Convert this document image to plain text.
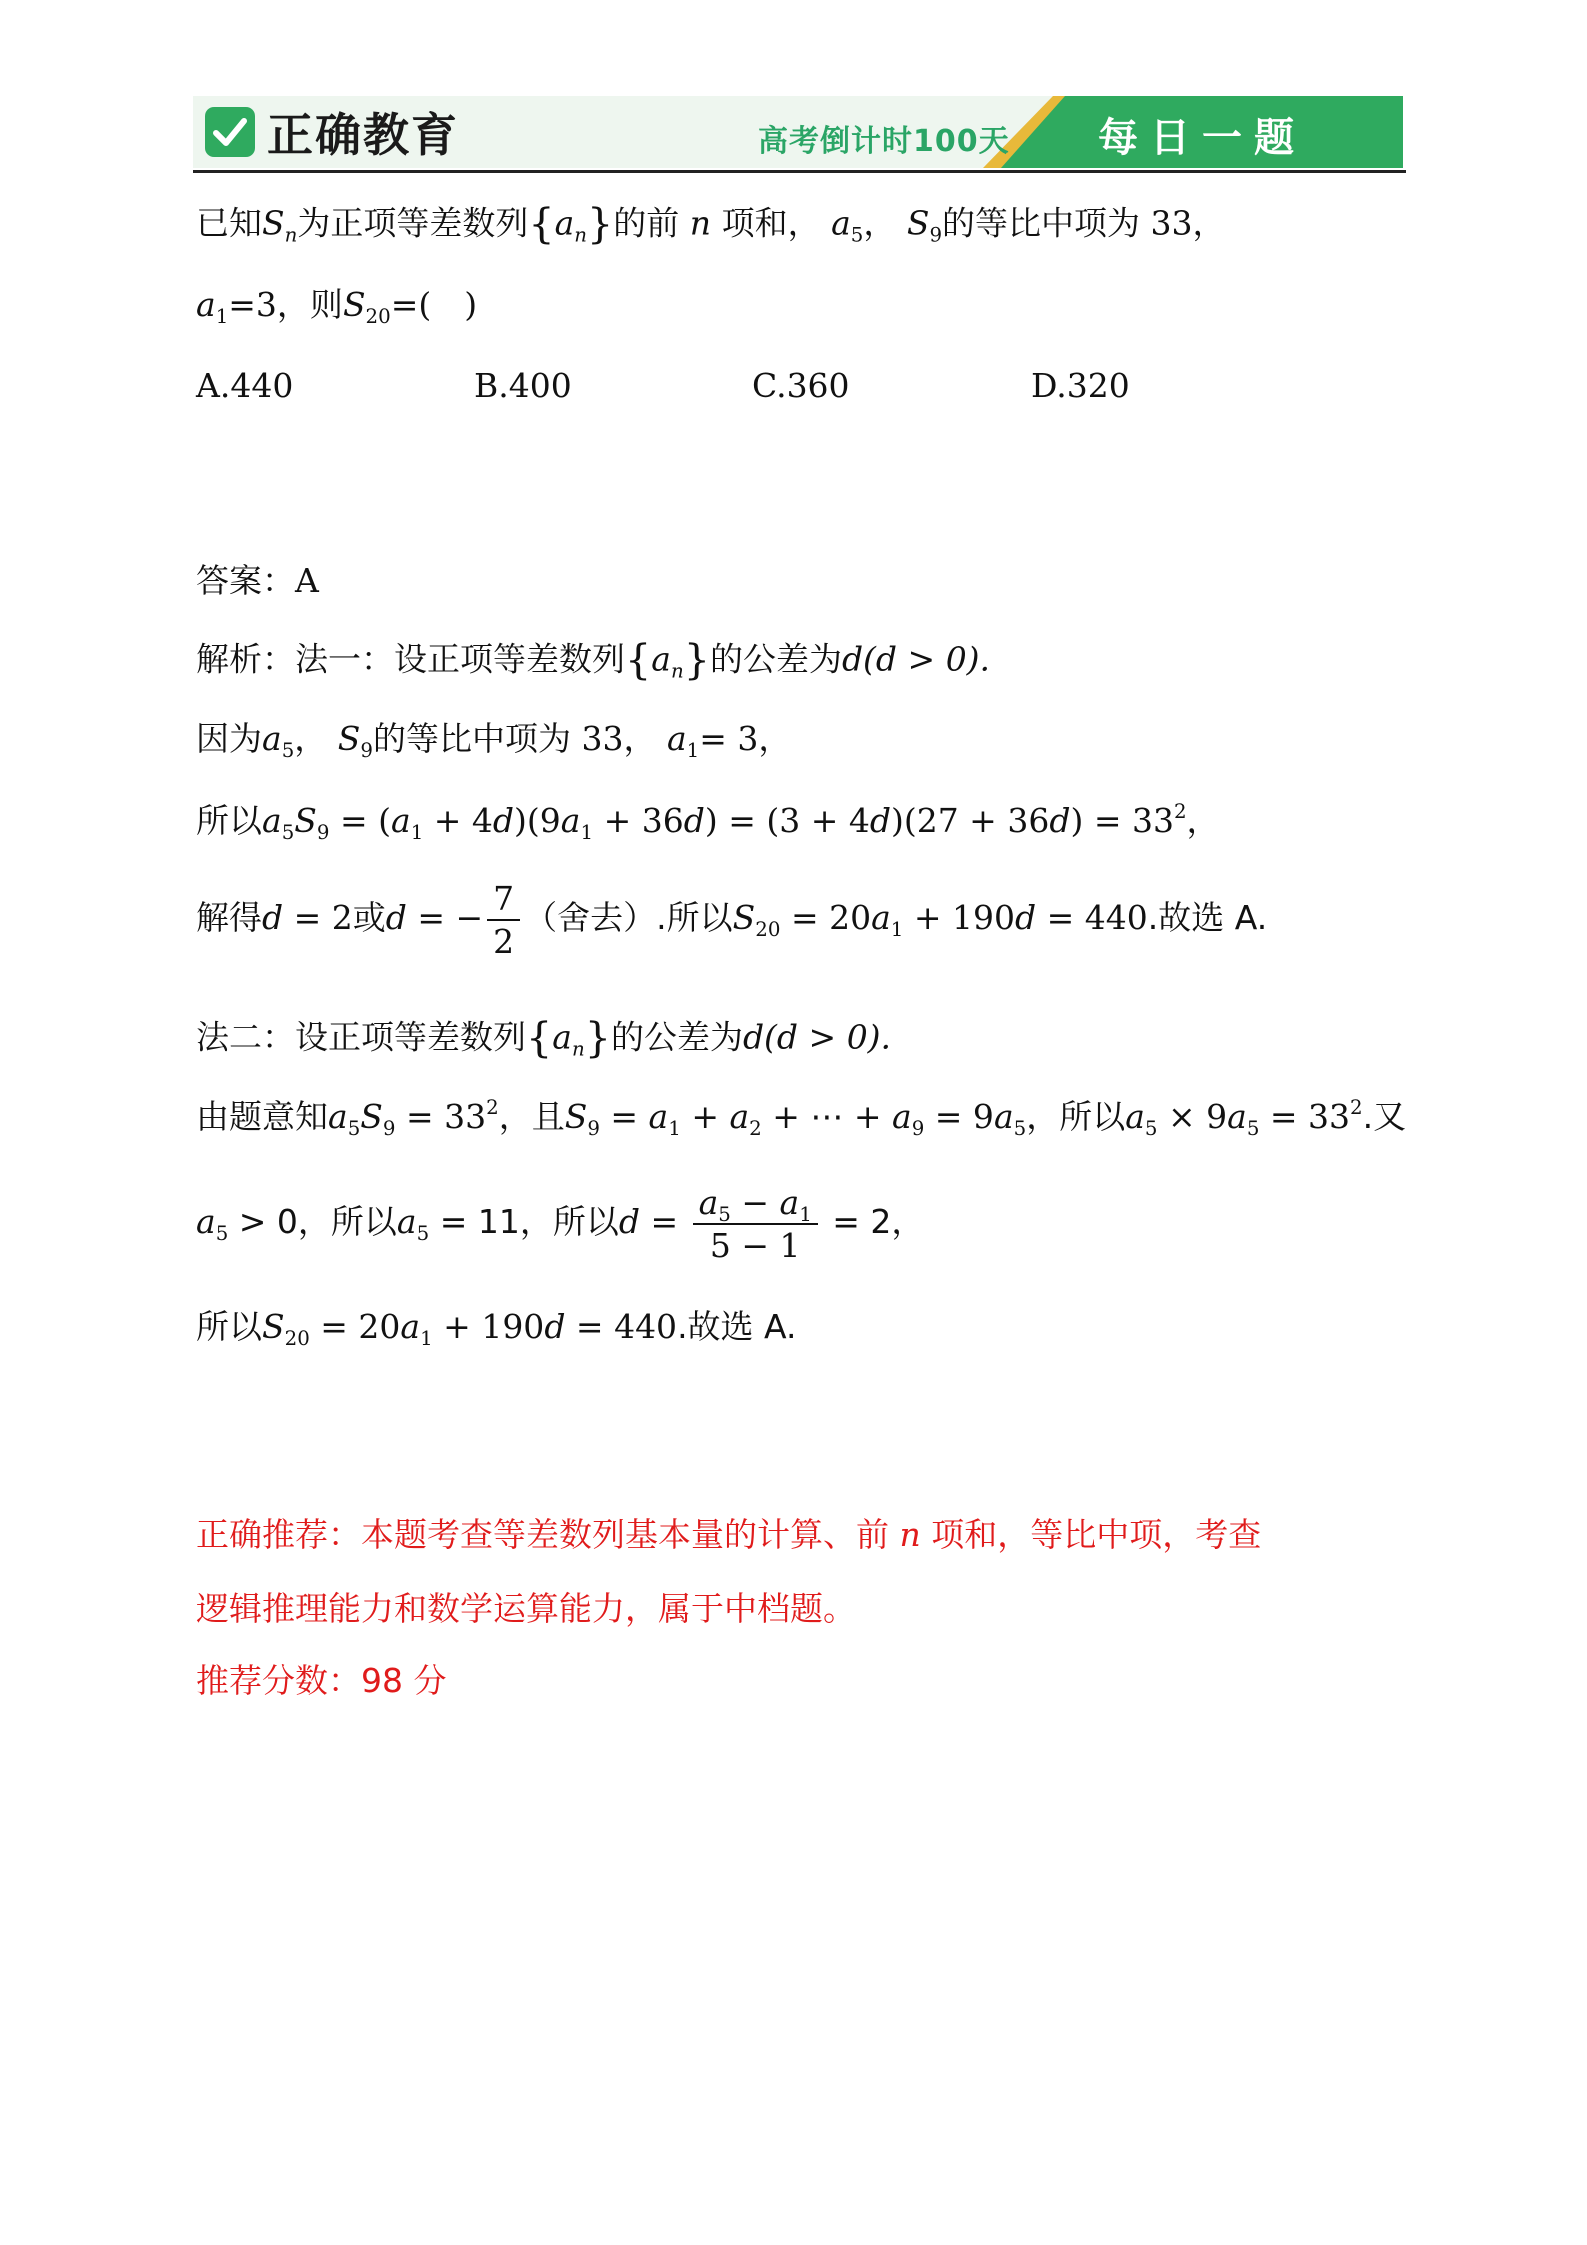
正确教育	高考倒计时100天 每日一题
已知$S_n$为正项等差数列$\{a_n\}$的前 n 项和， $a_5$， $S_9$的等比中项为 33，
$a_1=3$，则$S_{20}=$(　)
A.440	B.400	C.360	D.320
答案：A
解析：法一：设正项等差数列$\{a_n\}$的公差为d(d > 0).
因为$a_5$， $S_9$的等比中项为 33， $a_1= 3$，
所以$a_5S_9 = (a_1 + 4d)(9a_1 + 36d) = (3 + 4d)(27 + 36d) = 33^2$，
解得d = 2或d = − $\frac{7}{2}$ （舍去）.所以$S_{20} = 20a_1 + 190d = 440$.故选 A.
法二：设正项等差数列$\{a_n\}$的公差为d(d > 0).
由题意知$a_5S_9 = 33^2$，且$S_9 = a_1 + a_2$ + ⋯ + $a_9 = 9a_5$，所以$a_5 \times 9a_5 = 33^2$.又
$a_5 > 0$，所以$a_5 = 11$，所以$d = \frac{a_5 - a_1}{5 - 1} = 2$，
所以$S_{20} = 20a_1 + 190d = 440$.故选 A.
正确推荐：本题考查等差数列基本量的计算、前 n 项和，等比中项，考查
逻辑推理能力和数学运算能力，属于中档题。
推荐分数：98 分
